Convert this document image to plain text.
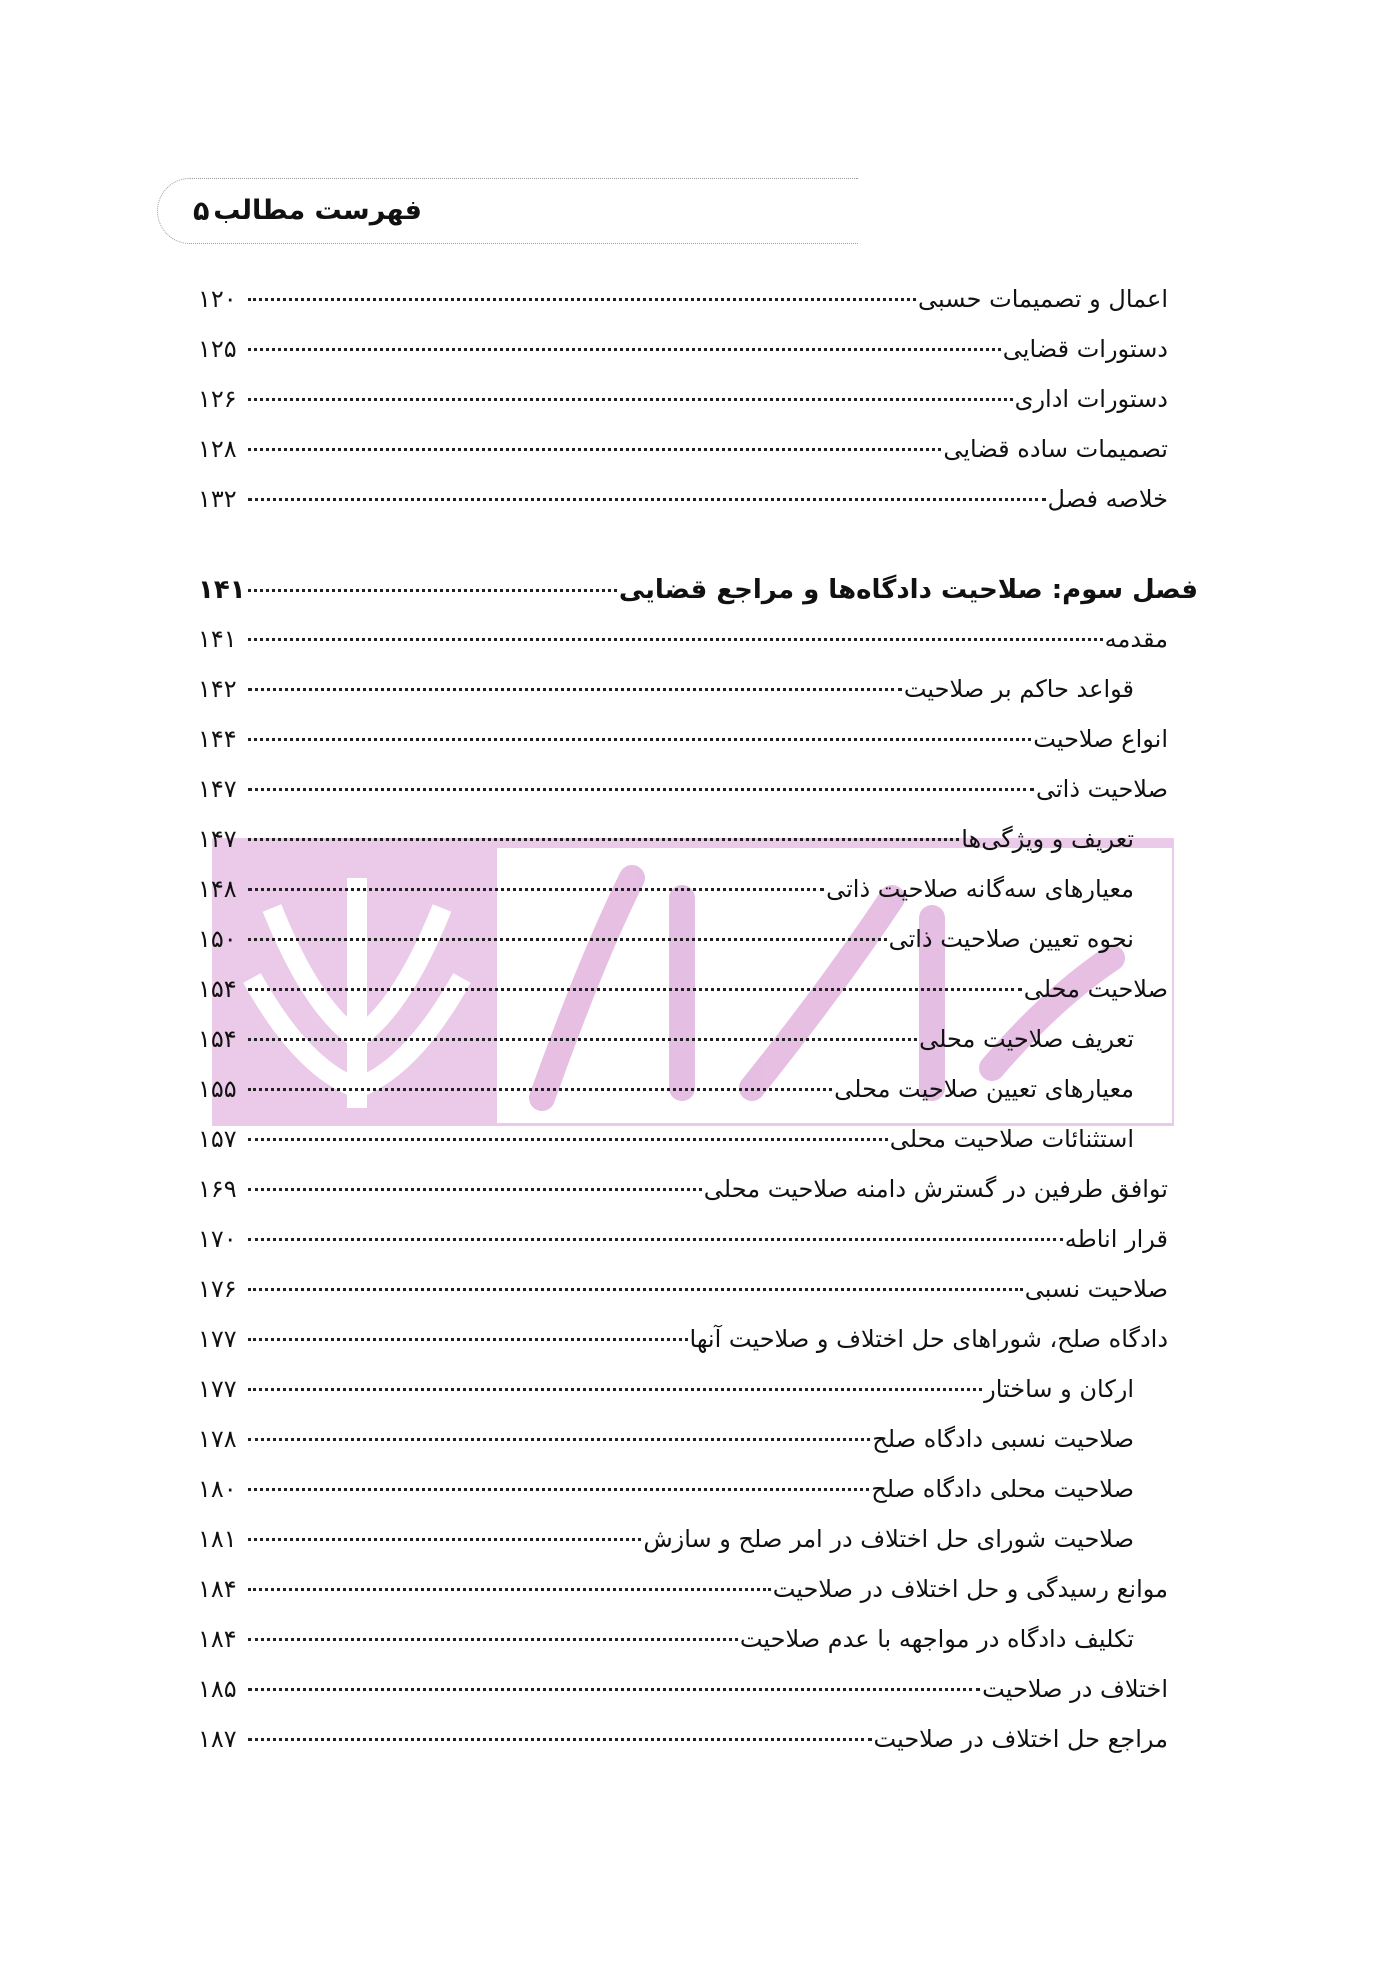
فهرست مطالب
۵
اعمال و تصمیمات حسبی
۱۲۰
دستورات قضایی
۱۲۵
دستورات اداری
۱۲۶
تصمیمات ساده قضایی
۱۲۸
خلاصه فصل
۱۳۲
فصل سوم: صلاحیت دادگاه‌ها و مراجع قضایی
۱۴۱
مقدمه
۱۴۱
قواعد حاکم بر صلاحیت
۱۴۲
انواع صلاحیت
۱۴۴
صلاحیت ذاتی
۱۴۷
تعریف و ویژگی‌ها
۱۴۷
معیارهای سه‌گانه صلاحیت ذاتی
۱۴۸
نحوه تعیین صلاحیت ذاتی
۱۵۰
صلاحیت محلی
۱۵۴
تعریف صلاحیت محلی
۱۵۴
معیارهای تعیین صلاحیت محلی
۱۵۵
استثنائات صلاحیت محلی
۱۵۷
توافق طرفین در گسترش دامنه صلاحیت محلی
۱۶۹
قرار اناطه
۱۷۰
صلاحیت نسبی
۱۷۶
دادگاه صلح، شوراهای حل اختلاف و صلاحیت آنها
۱۷۷
ارکان و ساختار
۱۷۷
صلاحیت نسبی دادگاه صلح
۱۷۸
صلاحیت محلی دادگاه صلح
۱۸۰
صلاحیت شورای حل اختلاف در امر صلح و سازش
۱۸۱
موانع رسیدگی و حل اختلاف در صلاحیت
۱۸۴
تکلیف دادگاه در مواجهه با عدم صلاحیت
۱۸۴
اختلاف در صلاحیت
۱۸۵
مراجع حل اختلاف در صلاحیت
۱۸۷
